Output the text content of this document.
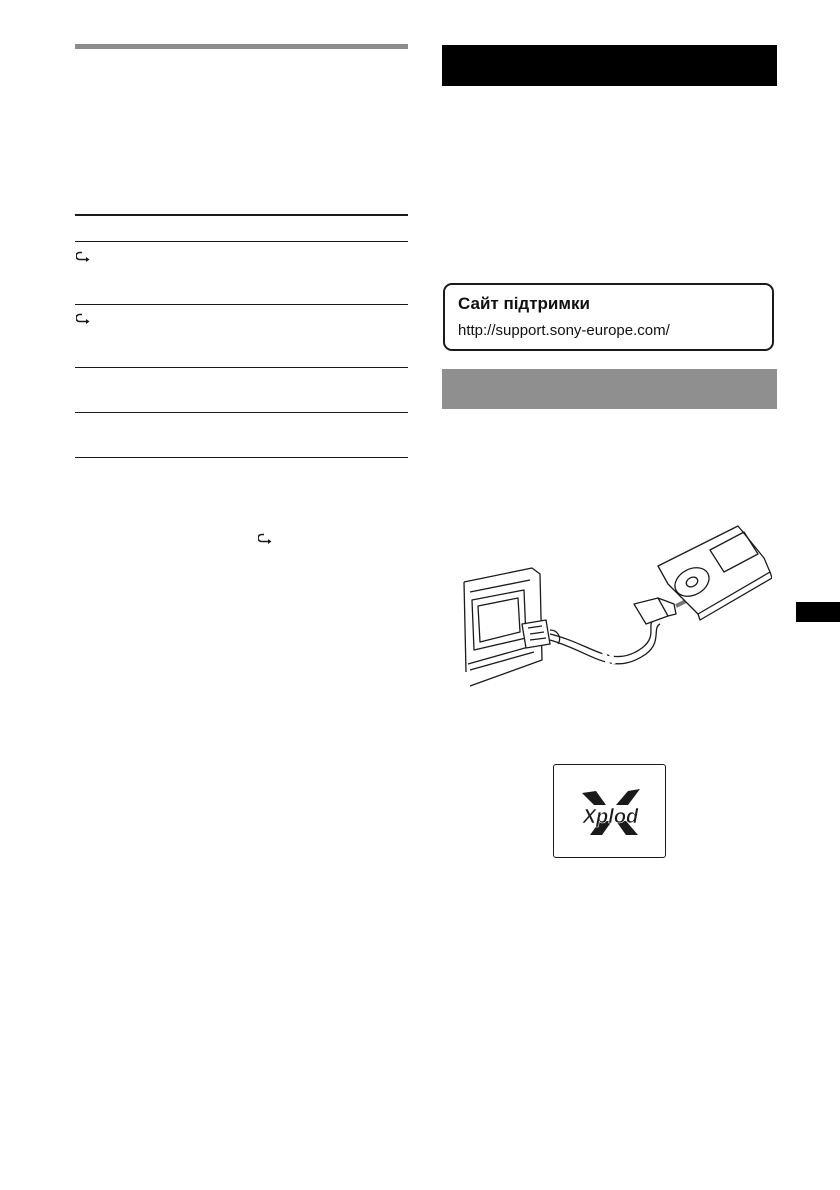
Сайт підтримки
http://support.sony-europe.com/
Xplod
